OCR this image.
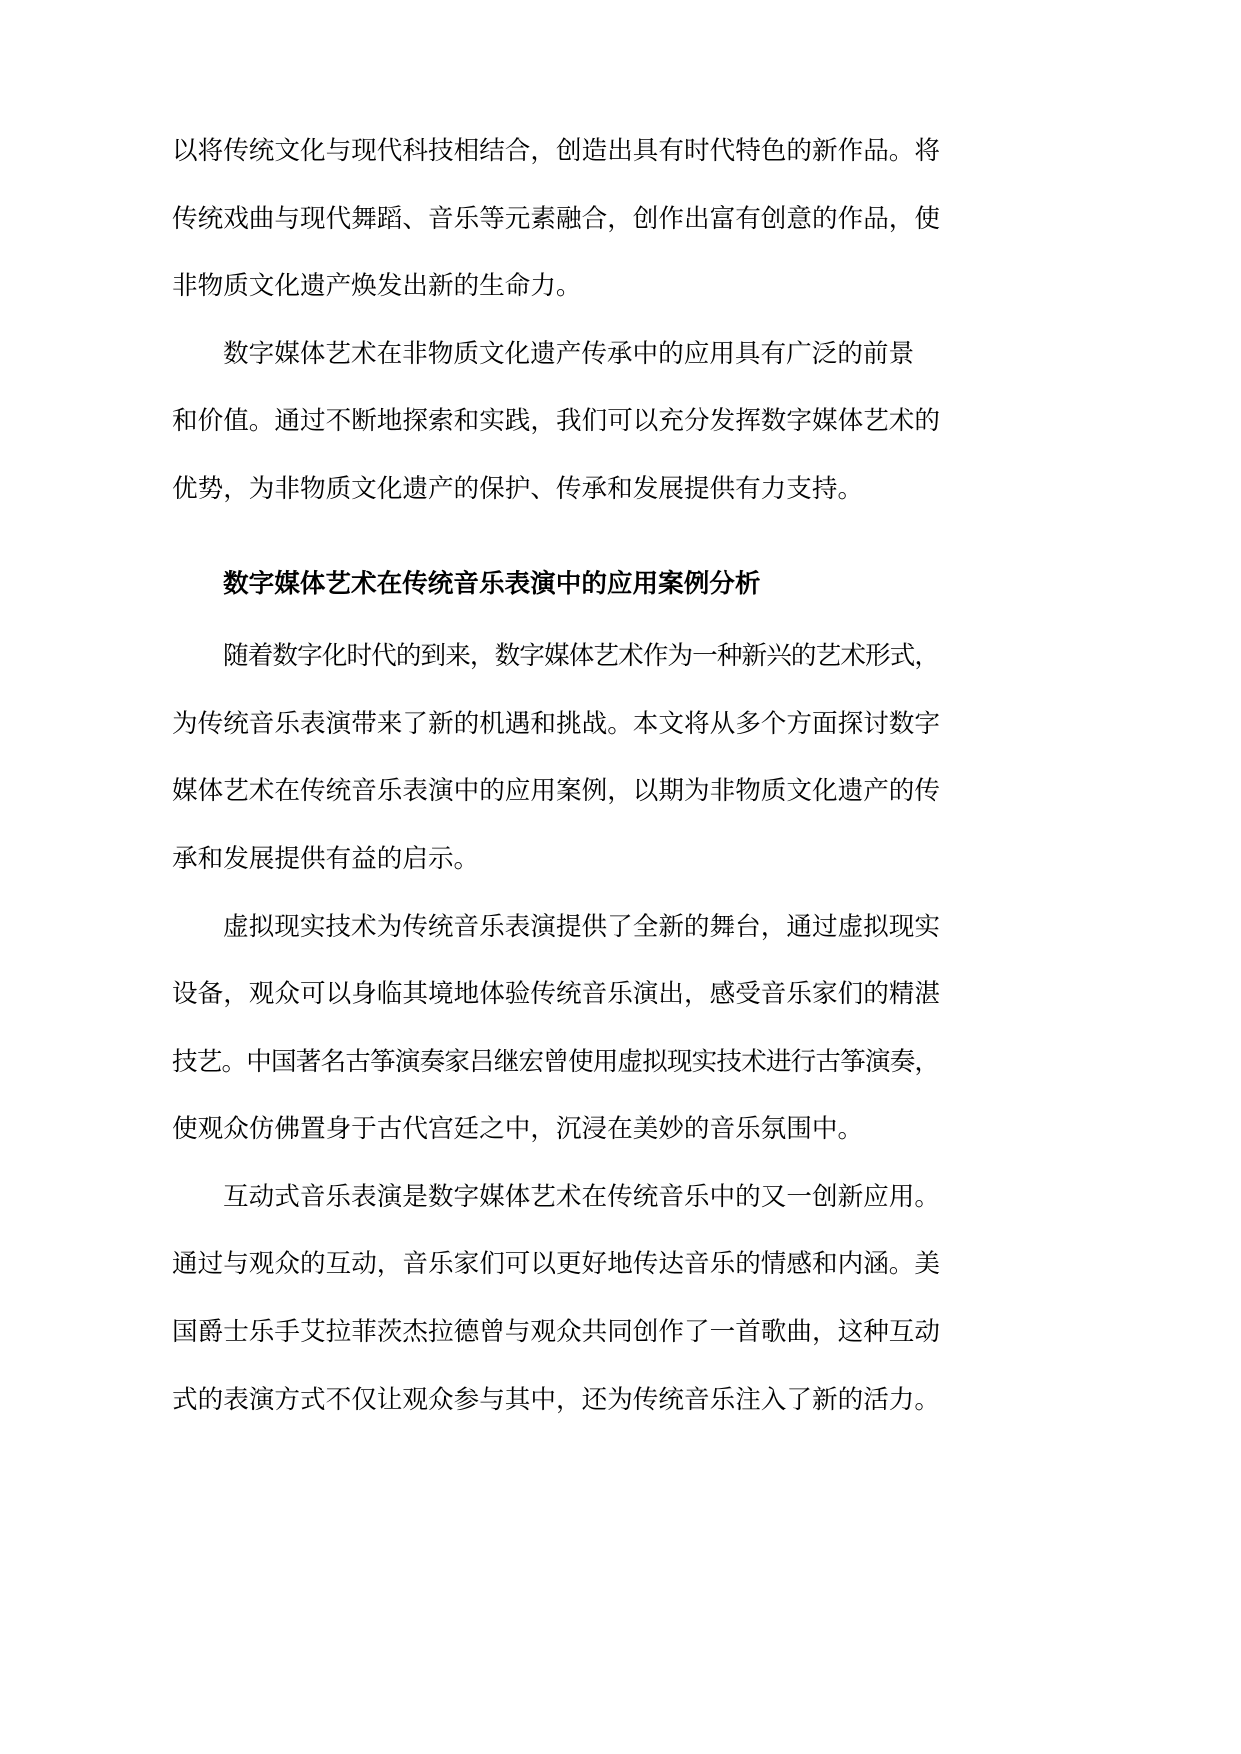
以将传统文化与现代科技相结合，创造出具有时代特色的新作品。将
传统戏曲与现代舞蹈、音乐等元素融合，创作出富有创意的作品，使
非物质文化遗产焕发出新的生命力。
数字媒体艺术在非物质文化遗产传承中的应用具有广泛的前景
和价值。通过不断地探索和实践，我们可以充分发挥数字媒体艺术的
优势，为非物质文化遗产的保护、传承和发展提供有力支持。
数字媒体艺术在传统音乐表演中的应用案例分析
随着数字化时代的到来，数字媒体艺术作为一种新兴的艺术形式，
为传统音乐表演带来了新的机遇和挑战。本文将从多个方面探讨数字
媒体艺术在传统音乐表演中的应用案例，以期为非物质文化遗产的传
承和发展提供有益的启示。
虚拟现实技术为传统音乐表演提供了全新的舞台，通过虚拟现实
设备，观众可以身临其境地体验传统音乐演出，感受音乐家们的精湛
技艺。中国著名古筝演奏家吕继宏曾使用虚拟现实技术进行古筝演奏，
使观众仿佛置身于古代宫廷之中，沉浸在美妙的音乐氛围中。
互动式音乐表演是数字媒体艺术在传统音乐中的又一创新应用。
通过与观众的互动，音乐家们可以更好地传达音乐的情感和内涵。美
国爵士乐手艾拉菲茨杰拉德曾与观众共同创作了一首歌曲，这种互动
式的表演方式不仅让观众参与其中，还为传统音乐注入了新的活力。
